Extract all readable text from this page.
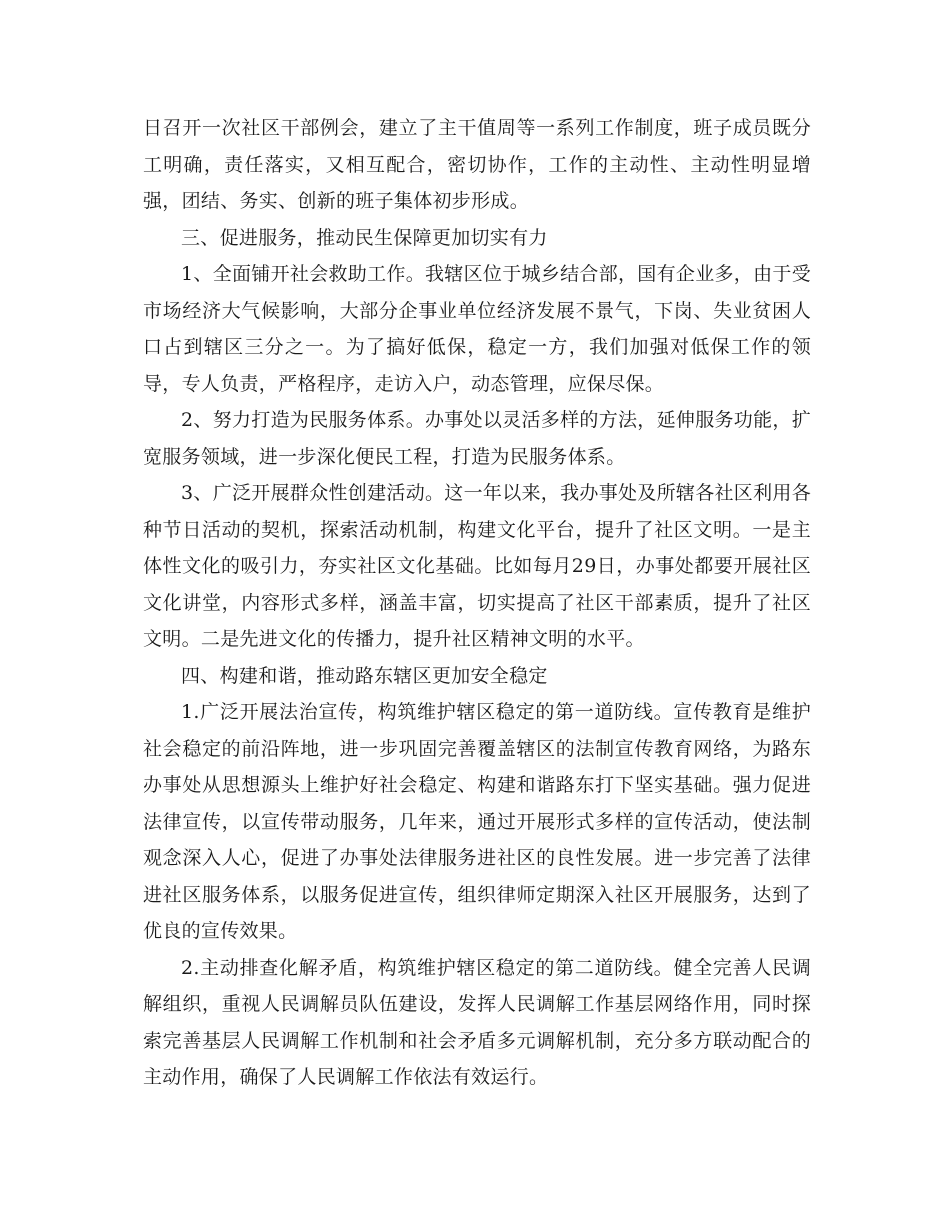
日召开一次社区干部例会，建立了主干值周等一系列工作制度，班子成员既分工明确，责任落实，又相互配合，密切协作，工作的主动性、主动性明显增强，团结、务实、创新的班子集体初步形成。

三、促进服务，推动民生保障更加切实有力

1、全面铺开社会救助工作。我辖区位于城乡结合部，国有企业多，由于受市场经济大气候影响，大部分企事业单位经济发展不景气，下岗、失业贫困人口占到辖区三分之一。为了搞好低保，稳定一方，我们加强对低保工作的领导，专人负责，严格程序，走访入户，动态管理，应保尽保。

2、努力打造为民服务体系。办事处以灵活多样的方法，延伸服务功能，扩宽服务领域，进一步深化便民工程，打造为民服务体系。

3、广泛开展群众性创建活动。这一年以来，我办事处及所辖各社区利用各种节日活动的契机，探索活动机制，构建文化平台，提升了社区文明。一是主体性文化的吸引力，夯实社区文化基础。比如每月29日，办事处都要开展社区文化讲堂，内容形式多样，涵盖丰富，切实提高了社区干部素质，提升了社区文明。二是先进文化的传播力，提升社区精神文明的水平。

四、构建和谐，推动路东辖区更加安全稳定

1.广泛开展法治宣传，构筑维护辖区稳定的第一道防线。宣传教育是维护社会稳定的前沿阵地，进一步巩固完善覆盖辖区的法制宣传教育网络，为路东办事处从思想源头上维护好社会稳定、构建和谐路东打下坚实基础。强力促进法律宣传，以宣传带动服务，几年来，通过开展形式多样的宣传活动，使法制观念深入人心，促进了办事处法律服务进社区的良性发展。进一步完善了法律进社区服务体系，以服务促进宣传，组织律师定期深入社区开展服务，达到了优良的宣传效果。

2.主动排查化解矛盾，构筑维护辖区稳定的第二道防线。健全完善人民调解组织，重视人民调解员队伍建设，发挥人民调解工作基层网络作用，同时探索完善基层人民调解工作机制和社会矛盾多元调解机制，充分多方联动配合的主动作用，确保了人民调解工作依法有效运行。
